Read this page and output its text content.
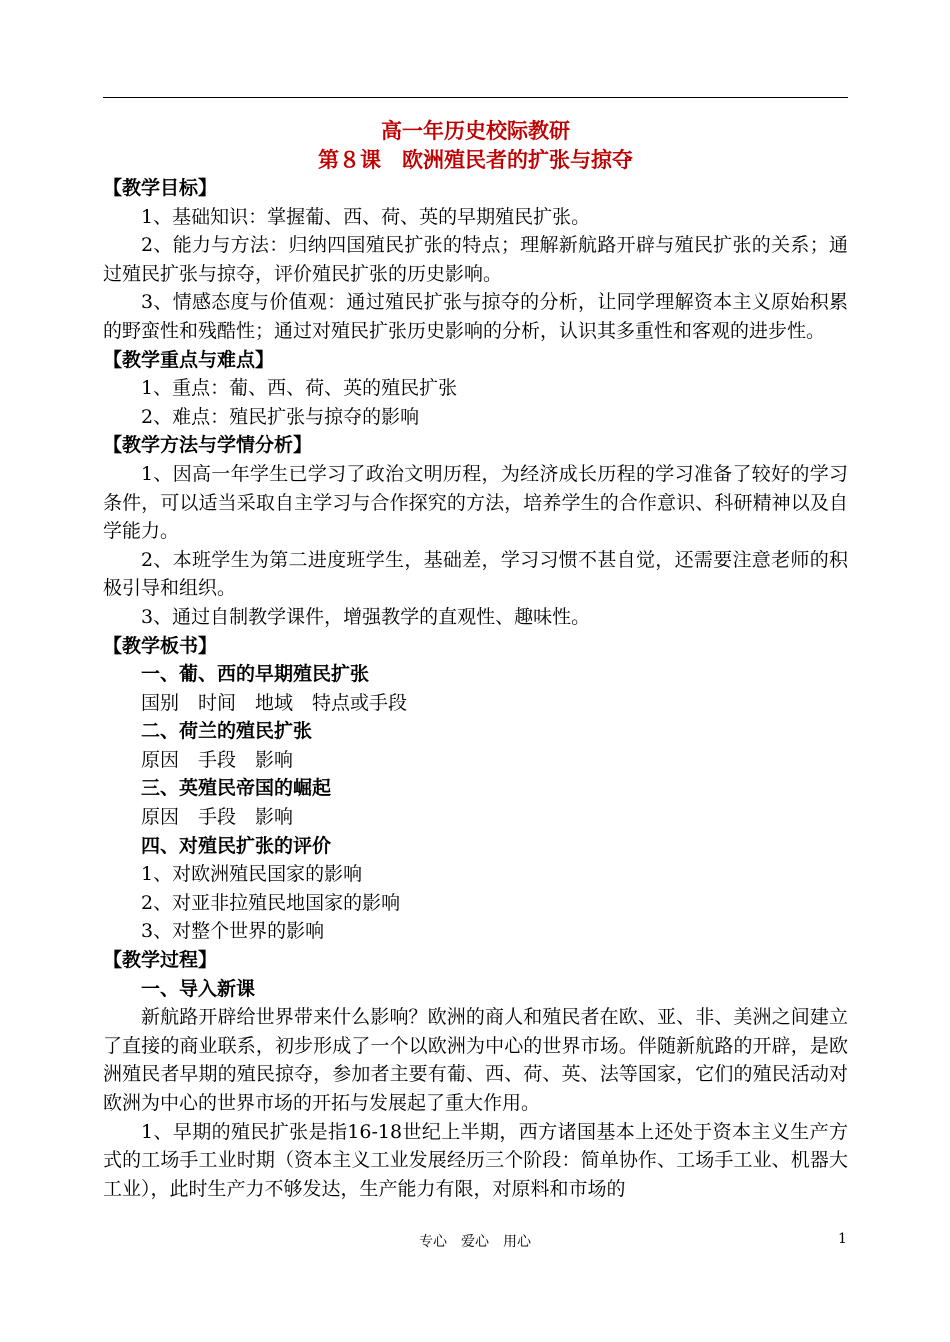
高一年历史校际教研
第８课　欧洲殖民者的扩张与掠夺

【教学目标】

1、基础知识：掌握葡、西、荷、英的早期殖民扩张。

2、能力与方法：归纳四国殖民扩张的特点；理解新航路开辟与殖民扩张的关系；通过殖民扩张与掠夺，评价殖民扩张的历史影响。

3、情感态度与价值观：通过殖民扩张与掠夺的分析，让同学理解资本主义原始积累的野蛮性和残酷性；通过对殖民扩张历史影响的分析，认识其多重性和客观的进步性。

【教学重点与难点】

1、重点：葡、西、荷、英的殖民扩张

2、难点：殖民扩张与掠夺的影响

【教学方法与学情分析】

1、因高一年学生已学习了政治文明历程，为经济成长历程的学习准备了较好的学习条件，可以适当采取自主学习与合作探究的方法，培养学生的合作意识、科研精神以及自学能力。

2、本班学生为第二进度班学生，基础差，学习习惯不甚自觉，还需要注意老师的积极引导和组织。

3、通过自制教学课件，增强教学的直观性、趣味性。

【教学板书】

一、葡、西的早期殖民扩张

国别　时间　地域　特点或手段

二、荷兰的殖民扩张

原因　手段　影响

三、英殖民帝国的崛起

原因　手段　影响

四、对殖民扩张的评价

1、对欧洲殖民国家的影响

2、对亚非拉殖民地国家的影响

3、对整个世界的影响

【教学过程】

一、导入新课

新航路开辟给世界带来什么影响？欧洲的商人和殖民者在欧、亚、非、美洲之间建立了直接的商业联系，初步形成了一个以欧洲为中心的世界市场。伴随新航路的开辟，是欧洲殖民者早期的殖民掠夺，参加者主要有葡、西、荷、英、法等国家，它们的殖民活动对欧洲为中心的世界市场的开拓与发展起了重大作用。

1、早期的殖民扩张是指16-18世纪上半期，西方诸国基本上还处于资本主义生产方式的工场手工业时期（资本主义工业发展经历三个阶段：简单协作、工场手工业、机器大工业），此时生产力不够发达，生产能力有限，对原料和市场的

专心　爱心　用心	1
